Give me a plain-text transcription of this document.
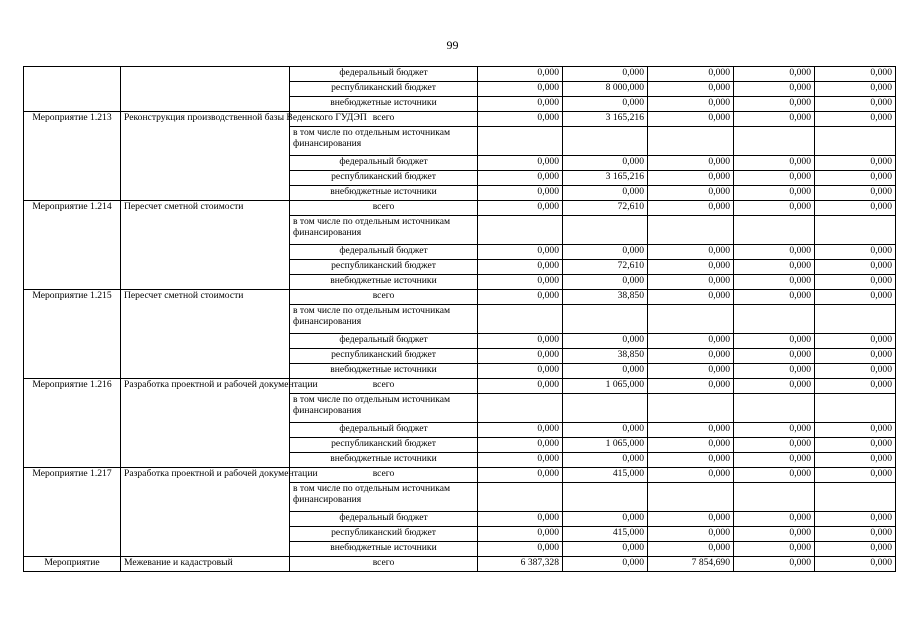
99
		федеральный бюджет	0,000	0,000	0,000	0,000	0,000
		республиканский бюджет	0,000	8 000,000	0,000	0,000	0,000
		внебюджетные источники	0,000	0,000	0,000	0,000	0,000
Мероприятие 1.213	Реконструкция производственной базы Веденского ГУДЭП	всего	0,000	3 165,216	0,000	0,000	0,000
		в том числе по отдельным источникам финансирования					
		федеральный бюджет	0,000	0,000	0,000	0,000	0,000
		республиканский бюджет	0,000	3 165,216	0,000	0,000	0,000
		внебюджетные источники	0,000	0,000	0,000	0,000	0,000
Мероприятие 1.214	Пересчет сметной стоимости	всего	0,000	72,610	0,000	0,000	0,000
		в том числе по отдельным источникам финансирования					
		федеральный бюджет	0,000	0,000	0,000	0,000	0,000
		республиканский бюджет	0,000	72,610	0,000	0,000	0,000
		внебюджетные источники	0,000	0,000	0,000	0,000	0,000
Мероприятие 1.215	Пересчет сметной стоимости	всего	0,000	38,850	0,000	0,000	0,000
		в том числе по отдельным источникам финансирования					
		федеральный бюджет	0,000	0,000	0,000	0,000	0,000
		республиканский бюджет	0,000	38,850	0,000	0,000	0,000
		внебюджетные источники	0,000	0,000	0,000	0,000	0,000
Мероприятие 1.216	Разработка проектной и рабочей документации	всего	0,000	1 065,000	0,000	0,000	0,000
		в том числе по отдельным источникам финансирования					
		федеральный бюджет	0,000	0,000	0,000	0,000	0,000
		республиканский бюджет	0,000	1 065,000	0,000	0,000	0,000
		внебюджетные источники	0,000	0,000	0,000	0,000	0,000
Мероприятие 1.217	Разработка проектной и рабочей документации	всего	0,000	415,000	0,000	0,000	0,000
		в том числе по отдельным источникам финансирования					
		федеральный бюджет	0,000	0,000	0,000	0,000	0,000
		республиканский бюджет	0,000	415,000	0,000	0,000	0,000
		внебюджетные источники	0,000	0,000	0,000	0,000	0,000
Мероприятие	Межевание и кадастровый	всего	6 387,328	0,000	7 854,690	0,000	0,000
